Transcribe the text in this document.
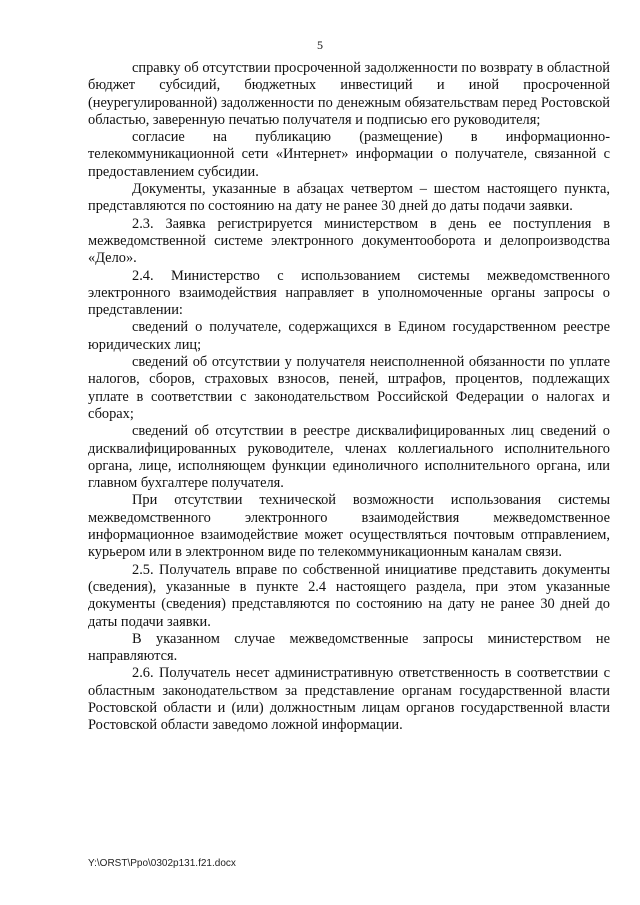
5

справку об отсутствии просроченной задолженности по возврату в областной бюджет субсидий, бюджетных инвестиций и иной просроченной (неурегулированной) задолженности по денежным обязательствам перед Ростовской областью, заверенную печатью получателя и подписью его руководителя;

согласие на публикацию (размещение) в информационно-телекоммуникационной сети «Интернет» информации о получателе, связанной с предоставлением субсидии.

Документы, указанные в абзацах четвертом – шестом настоящего пункта, представляются по состоянию на дату не ранее 30 дней до даты подачи заявки.

2.3. Заявка регистрируется министерством в день ее поступления в межведомственной системе электронного документооборота и делопроизводства «Дело».

2.4. Министерство с использованием системы межведомственного электронного взаимодействия направляет в уполномоченные органы запросы о представлении:

сведений о получателе, содержащихся в Едином государственном реестре юридических лиц;

сведений об отсутствии у получателя неисполненной обязанности по уплате налогов, сборов, страховых взносов, пеней, штрафов, процентов, подлежащих уплате в соответствии с законодательством Российской Федерации о налогах и сборах;

сведений об отсутствии в реестре дисквалифицированных лиц сведений о дисквалифицированных руководителе, членах коллегиального исполнительного органа, лице, исполняющем функции единоличного исполнительного органа, или главном бухгалтере получателя.

При отсутствии технической возможности использования системы межведомственного электронного взаимодействия межведомственное информационное взаимодействие может осуществляться почтовым отправлением, курьером или в электронном виде по телекоммуникационным каналам связи.

2.5. Получатель вправе по собственной инициативе представить документы (сведения), указанные в пункте 2.4 настоящего раздела, при этом указанные документы (сведения) представляются по состоянию на дату не ранее 30 дней до даты подачи заявки.

В указанном случае межведомственные запросы министерством не направляются.

2.6. Получатель несет административную ответственность в соответствии с областным законодательством за представление органам государственной власти Ростовской области и (или) должностным лицам органов государственной власти Ростовской области заведомо ложной информации.

Y:\ORST\Ppo\0302p131.f21.docx
